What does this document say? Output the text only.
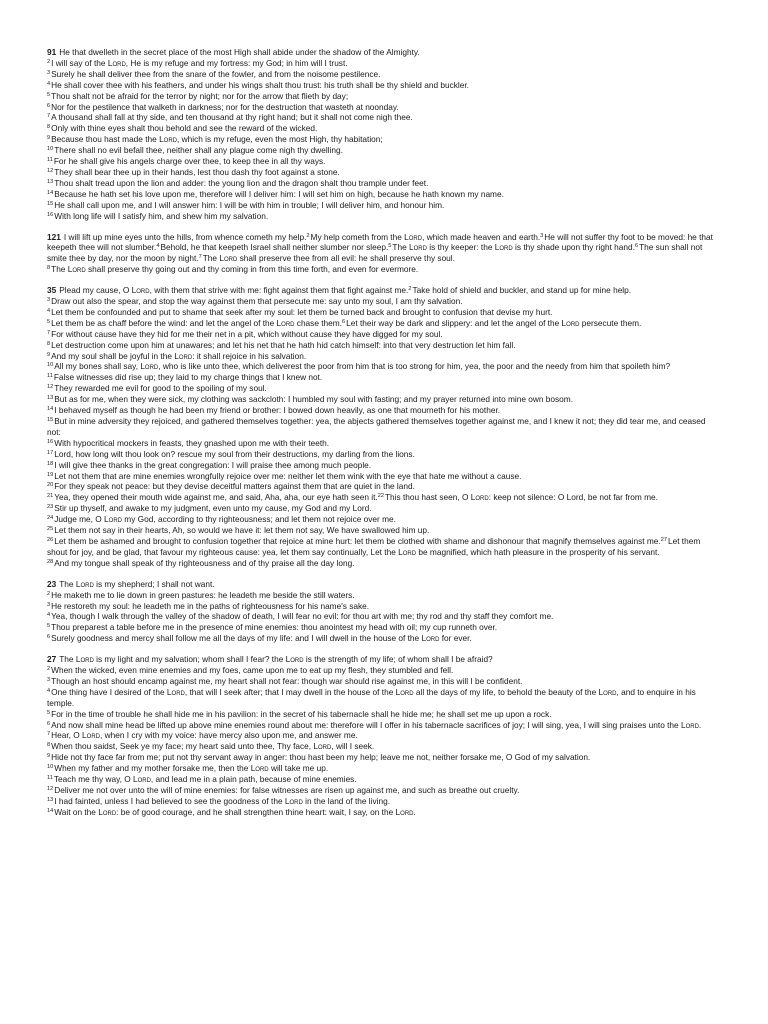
91 He that dwelleth in the secret place of the most High shall abide under the shadow of the Almighty.
$^2$I will say of the Lord, He is my refuge and my fortress: my God; in him will I trust.
$^3$Surely he shall deliver thee from the snare of the fowler, and from the noisome pestilence.
$^4$He shall cover thee with his feathers, and under his wings shalt thou trust: his truth shall be thy shield and buckler.
$^5$Thou shalt not be afraid for the terror by night; nor for the arrow that flieth by day;
$^6$Nor for the pestilence that walketh in darkness; nor for the destruction that wasteth at noonday.
$^7$A thousand shall fall at thy side, and ten thousand at thy right hand; but it shall not come nigh thee.
$^8$Only with thine eyes shalt thou behold and see the reward of the wicked.
$^9$Because thou hast made the Lord, which is my refuge, even the most High, thy habitation;
$^{10}$There shall no evil befall thee, neither shall any plague come nigh thy dwelling.
$^{11}$For he shall give his angels charge over thee, to keep thee in all thy ways.
$^{12}$They shall bear thee up in their hands, lest thou dash thy foot against a stone.
$^{13}$Thou shalt tread upon the lion and adder: the young lion and the dragon shalt thou trample under feet.
$^{14}$Because he hath set his love upon me, therefore will I deliver him: I will set him on high, because he hath known my name.
$^{15}$He shall call upon me, and I will answer him: I will be with him in trouble; I will deliver him, and honour him.
$^{16}$With long life will I satisfy him, and shew him my salvation.
121 I will lift up mine eyes unto the hills, from whence cometh my help.$^2$My help cometh from the Lord, which made heaven and earth.$^3$He will not suffer thy foot to be moved: he that keepeth thee will not slumber.$^4$Behold, he that keepeth Israel shall neither slumber nor sleep.$^5$The Lord is thy keeper: the Lord is thy shade upon thy right hand.$^6$The sun shall not smite thee by day, nor the moon by night.$^7$The Lord shall preserve thee from all evil: he shall preserve thy soul.
$^8$The Lord shall preserve thy going out and thy coming in from this time forth, and even for evermore.
35 Plead my cause, O Lord, with them that strive with me: fight against them that fight against me.$^2$Take hold of shield and buckler, and stand up for mine help.
$^3$Draw out also the spear, and stop the way against them that persecute me: say unto my soul, I am thy salvation.
$^4$Let them be confounded and put to shame that seek after my soul: let them be turned back and brought to confusion that devise my hurt.
$^5$Let them be as chaff before the wind: and let the angel of the Lord chase them.$^6$Let their way be dark and slippery: and let the angel of the Lord persecute them.
$^7$For without cause have they hid for me their net in a pit, which without cause they have digged for my soul.
$^8$Let destruction come upon him at unawares; and let his net that he hath hid catch himself: into that very destruction let him fall.
$^9$And my soul shall be joyful in the Lord: it shall rejoice in his salvation.
$^{10}$All my bones shall say, Lord, who is like unto thee, which deliverest the poor from him that is too strong for him, yea, the poor and the needy from him that spoileth him?
$^{11}$False witnesses did rise up; they laid to my charge things that I knew not.
$^{12}$They rewarded me evil for good to the spoiling of my soul.
$^{13}$But as for me, when they were sick, my clothing was sackcloth: I humbled my soul with fasting; and my prayer returned into mine own bosom.
$^{14}$I behaved myself as though he had been my friend or brother: I bowed down heavily, as one that mourneth for his mother.
$^{15}$But in mine adversity they rejoiced, and gathered themselves together: yea, the abjects gathered themselves together against me, and I knew it not; they did tear me, and ceased not:
$^{16}$With hypocritical mockers in feasts, they gnashed upon me with their teeth.
$^{17}$Lord, how long wilt thou look on? rescue my soul from their destructions, my darling from the lions.
$^{18}$I will give thee thanks in the great congregation: I will praise thee among much people.
$^{19}$Let not them that are mine enemies wrongfully rejoice over me: neither let them wink with the eye that hate me without a cause.
$^{20}$For they speak not peace: but they devise deceitful matters against them that are quiet in the land.
$^{21}$Yea, they opened their mouth wide against me, and said, Aha, aha, our eye hath seen it.$^{22}$This thou hast seen, O Lord: keep not silence: O Lord, be not far from me.
$^{23}$Stir up thyself, and awake to my judgment, even unto my cause, my God and my Lord.
$^{24}$Judge me, O Lord my God, according to thy righteousness; and let them not rejoice over me.
$^{25}$Let them not say in their hearts, Ah, so would we have it: let them not say, We have swallowed him up.
$^{26}$Let them be ashamed and brought to confusion together that rejoice at mine hurt: let them be clothed with shame and dishonour that magnify themselves against me.$^{27}$Let them shout for joy, and be glad, that favour my righteous cause: yea, let them say continually, Let the Lord be magnified, which hath pleasure in the prosperity of his servant.
$^{28}$And my tongue shall speak of thy righteousness and of thy praise all the day long.
23 The Lord is my shepherd; I shall not want.
$^2$He maketh me to lie down in green pastures: he leadeth me beside the still waters.
$^3$He restoreth my soul: he leadeth me in the paths of righteousness for his name's sake.
$^4$Yea, though I walk through the valley of the shadow of death, I will fear no evil: for thou art with me; thy rod and thy staff they comfort me.
$^5$Thou preparest a table before me in the presence of mine enemies: thou anointest my head with oil; my cup runneth over.
$^6$Surely goodness and mercy shall follow me all the days of my life: and I will dwell in the house of the Lord for ever.
27 The Lord is my light and my salvation; whom shall I fear? the Lord is the strength of my life; of whom shall I be afraid?
$^2$When the wicked, even mine enemies and my foes, came upon me to eat up my flesh, they stumbled and fell.
$^3$Though an host should encamp against me, my heart shall not fear: though war should rise against me, in this will I be confident.
$^4$One thing have I desired of the Lord, that will I seek after; that I may dwell in the house of the Lord all the days of my life, to behold the beauty of the Lord, and to enquire in his temple.
$^5$For in the time of trouble he shall hide me in his pavilion: in the secret of his tabernacle shall he hide me; he shall set me up upon a rock.
$^6$And now shall mine head be lifted up above mine enemies round about me: therefore will I offer in his tabernacle sacrifices of joy; I will sing, yea, I will sing praises unto the Lord.
$^7$Hear, O Lord, when I cry with my voice: have mercy also upon me, and answer me.
$^8$When thou saidst, Seek ye my face; my heart said unto thee, Thy face, Lord, will I seek.
$^9$Hide not thy face far from me; put not thy servant away in anger: thou hast been my help; leave me not, neither forsake me, O God of my salvation.
$^{10}$When my father and my mother forsake me, then the Lord will take me up.
$^{11}$Teach me thy way, O Lord, and lead me in a plain path, because of mine enemies.
$^{12}$Deliver me not over unto the will of mine enemies: for false witnesses are risen up against me, and such as breathe out cruelty.
$^{13}$I had fainted, unless I had believed to see the goodness of the Lord in the land of the living.
$^{14}$Wait on the Lord: be of good courage, and he shall strengthen thine heart: wait, I say, on the Lord.
